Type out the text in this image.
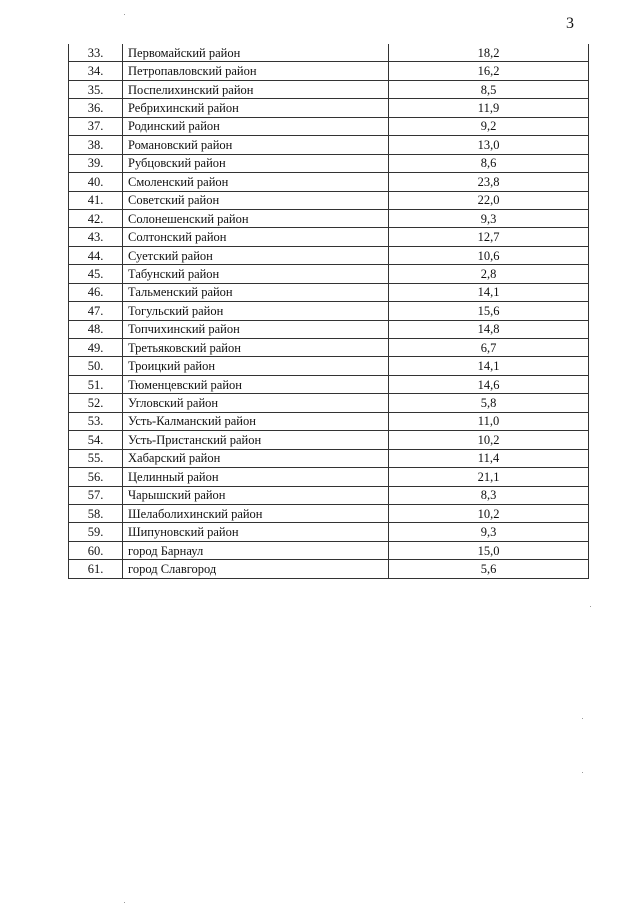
3
33.	Первомайский район	18,2
34.	Петропавловский район	16,2
35.	Поспелихинский район	8,5
36.	Ребрихинский район	11,9
37.	Родинский район	9,2
38.	Романовский район	13,0
39.	Рубцовский район	8,6
40.	Смоленский район	23,8
41.	Советский район	22,0
42.	Солонешенский район	9,3
43.	Солтонский район	12,7
44.	Суетский район	10,6
45.	Табунский район	2,8
46.	Тальменский район	14,1
47.	Тогульский район	15,6
48.	Топчихинский район	14,8
49.	Третьяковский район	6,7
50.	Троицкий район	14,1
51.	Тюменцевский район	14,6
52.	Угловский район	5,8
53.	Усть-Калманский район	11,0
54.	Усть-Пристанский район	10,2
55.	Хабарский район	11,4
56.	Целинный район	21,1
57.	Чарышский район	8,3
58.	Шелаболихинский район	10,2
59.	Шипуновский район	9,3
60.	город Барнаул	15,0
61.	город Славгород	5,6
